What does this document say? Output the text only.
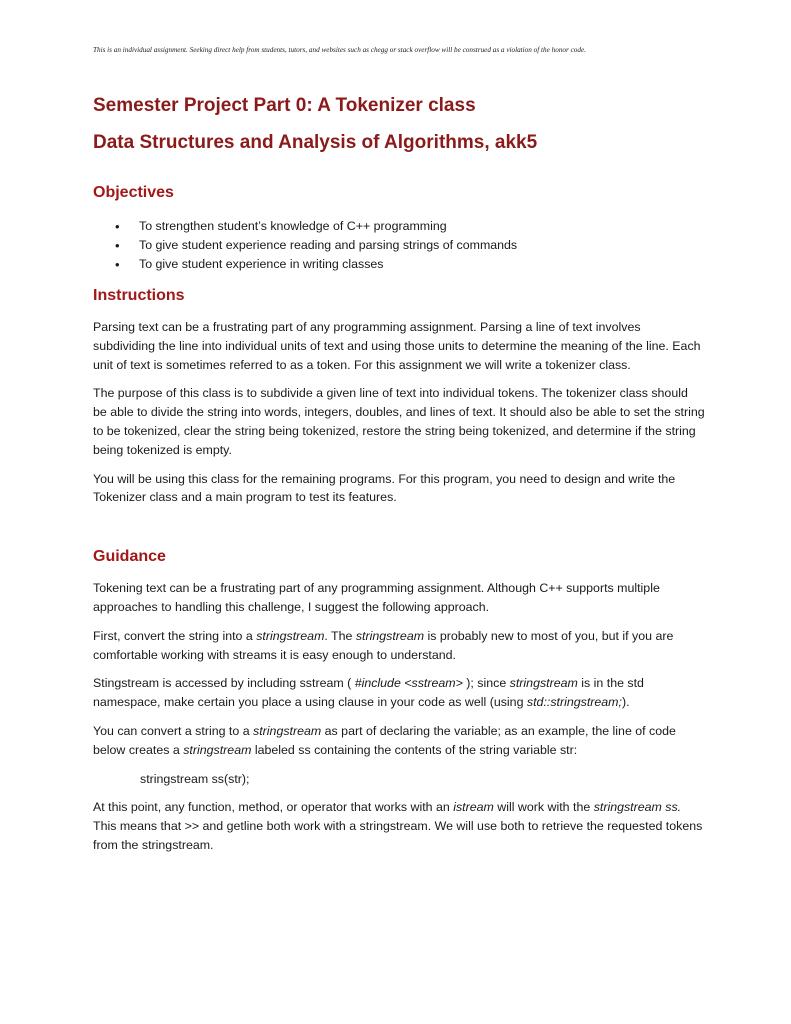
This is an individual assignment. Seeking direct help from students, tutors, and websites such as chegg or stack overflow will be construed as a violation of the honor code.
Semester Project Part 0: A Tokenizer class
Data Structures and Analysis of Algorithms, akk5
Objectives
• To strengthen student’s knowledge of C++ programming
• To give student experience reading and parsing strings of commands
• To give student experience in writing classes
Instructions

Parsing text can be a frustrating part of any programming assignment. Parsing a line of text involves subdividing the line into individual units of text and using those units to determine the meaning of the line. Each unit of text is sometimes referred to as a token. For this assignment we will write a tokenizer class.

The purpose of this class is to subdivide a given line of text into individual tokens. The tokenizer class should be able to divide the string into words, integers, doubles, and lines of text. It should also be able to set the string to be tokenized, clear the string being tokenized, restore the string being tokenized, and determine if the string being tokenized is empty.

You will be using this class for the remaining programs. For this program, you need to design and write the Tokenizer class and a main program to test its features.

Guidance

Tokening text can be a frustrating part of any programming assignment. Although C++ supports multiple approaches to handling this challenge, I suggest the following approach.

First, convert the string into a stringstream. The stringstream is probably new to most of you, but if you are comfortable working with streams it is easy enough to understand.

Stingstream is accessed by including sstream ( #include <sstream> ); since stringstream is in the std namespace, make certain you place a using clause in your code as well (using std::stringstream;).

You can convert a string to a stringstream as part of declaring the variable; as an example, the line of code below creates a stringstream labeled ss containing the contents of the string variable str:

stringstream ss(str);

At this point, any function, method, or operator that works with an istream will work with the stringstream ss. This means that >> and getline both work with a stringstream. We will use both to retrieve the requested tokens from the stringstream.
